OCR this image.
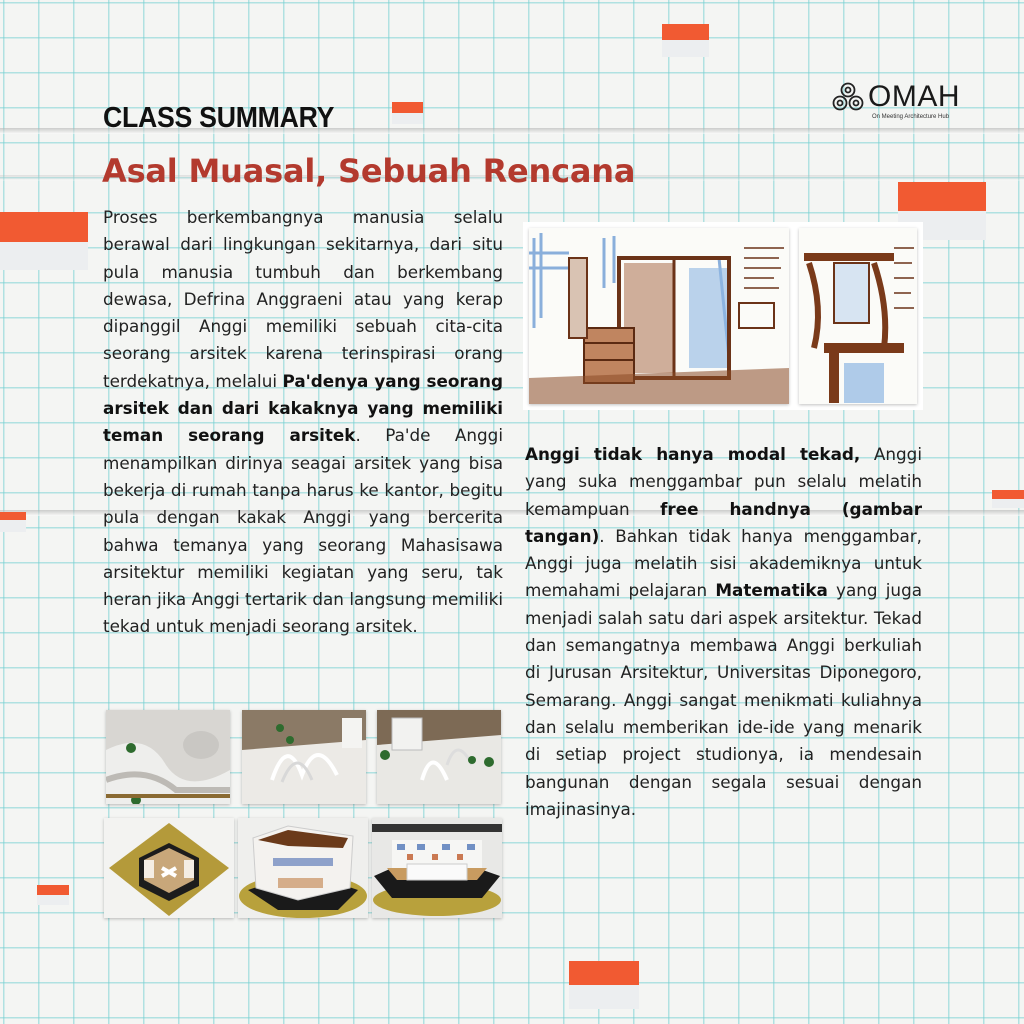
OMAH
On Meeting Architecture Hub
CLASS SUMMARY
Asal Muasal, Sebuah Rencana
Proses berkembangnya manusia selalu berawal dari lingkungan sekitarnya, dari situ pula manusia tumbuh dan berkembang dewasa, Defrina Anggraeni atau yang kerap dipanggil Anggi memiliki sebuah cita-cita seorang arsitek karena terinspirasi orang terdekatnya, melalui Pa'denya yang seorang arsitek dan dari kakaknya yang memiliki teman seorang arsitek. Pa'de Anggi menampilkan dirinya seagai arsitek yang bisa bekerja di rumah tanpa harus ke kantor, begitu pula dengan kakak Anggi yang bercerita bahwa temanya yang seorang Mahasisawa arsitektur memiliki kegiatan yang seru, tak heran jika Anggi tertarik dan langsung memiliki tekad untuk menjadi seorang arsitek.
Anggi tidak hanya modal tekad, Anggi yang suka menggambar pun selalu melatih kemampuan free handnya (gambar tangan). Bahkan tidak hanya menggambar, Anggi juga melatih sisi akademiknya untuk memahami pelajaran Matematika yang juga menjadi salah satu dari aspek arsitektur. Tekad dan semangatnya membawa Anggi berkuliah di Jurusan Arsitektur, Universitas Diponegoro, Semarang. Anggi sangat menikmati kuliahnya dan selalu memberikan ide-ide yang menarik di setiap project studionya, ia mendesain bangunan dengan segala sesuai dengan imajinasinya.
